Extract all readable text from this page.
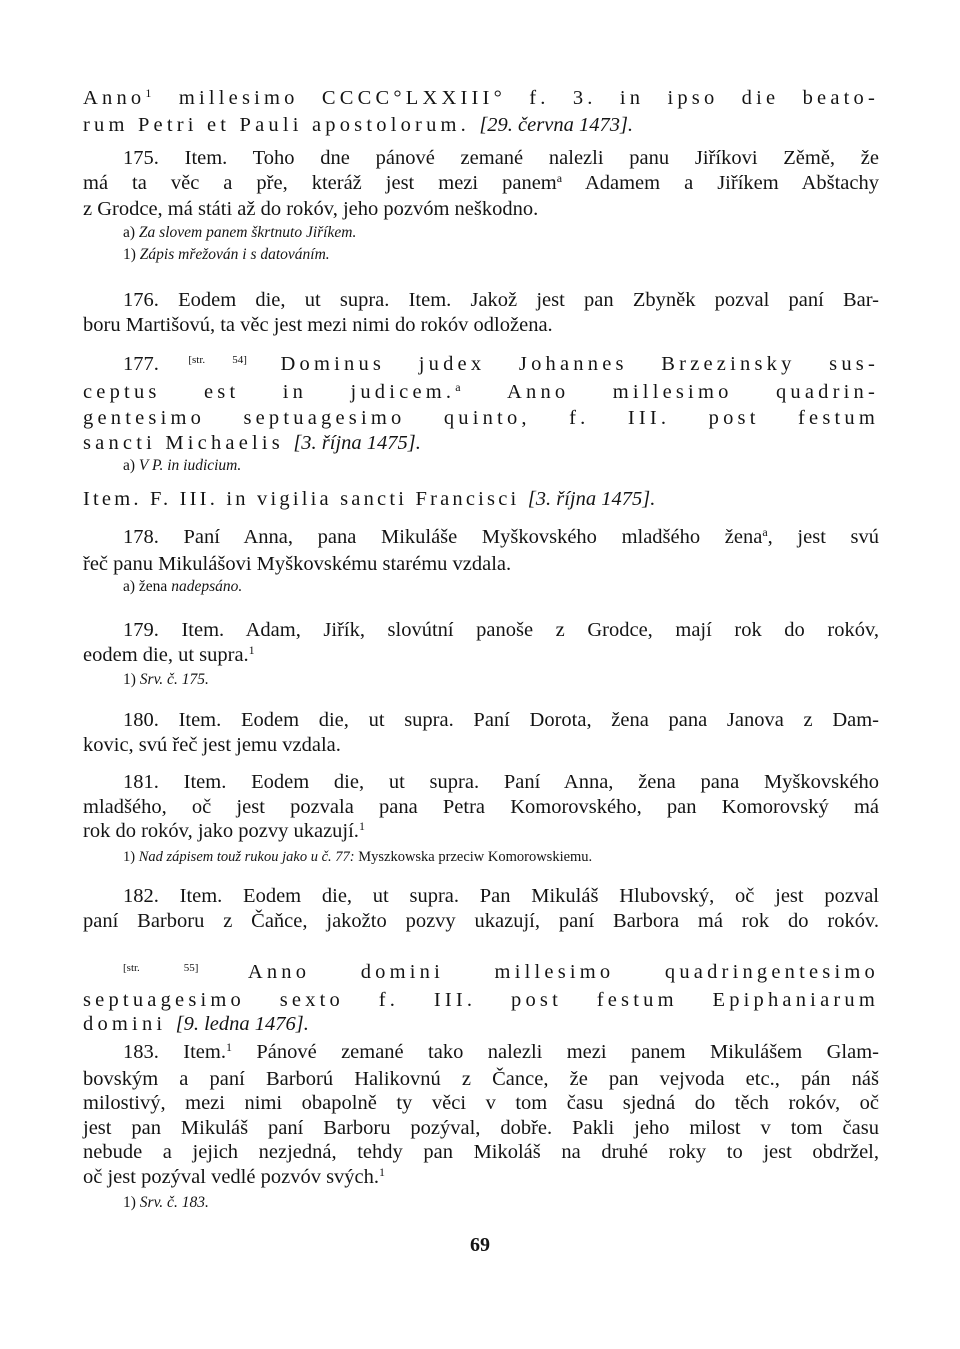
Anno$^1$ millesimo CCCC°LXXIII° f. 3. in ipso die beato-
rum Petri et Pauli apostolorum. [29. června 1473].
175. Item. Toho dne pánové zemané nalezli panu Jiříkovi Zěmě, že
má ta věc a pře, kteráž jest mezi panem$^a$ Adamem a Jiříkem Abštachy
z Grodce, má státi až do rokóv, jeho pozvóm neškodno.
a) Za slovem panem škrtnuto Jiříkem.
1) Zápis mřežován i s datováním.
176. Eodem die, ut supra. Item. Jakož jest pan Zbyněk pozval paní Bar-
boru Martišovú, ta věc jest mezi nimi do rokóv odložena.
177. [str. 54] Dominus judex Johannes Brzezinsky sus-
ceptus est in judicem.$^a$ Anno millesimo quadrin-
gentesimo septuagesimo quinto, f. III. post festum
sancti Michaelis [3. října 1475].
a) V P. in iudicium.
Item. F. III. in vigilia sancti Francisci [3. října 1475].
178. Paní Anna, pana Mikuláše Myškovského mladšého žena$^a$, jest svú
řeč panu Mikulášovi Myškovskému starému vzdala.
a) žena nadepsáno.
179. Item. Adam, Jiřík, slovútní panoše z Grodce, mají rok do rokóv,
eodem die, ut supra.$^1$
1) Srv. č. 175.
180. Item. Eodem die, ut supra. Paní Dorota, žena pana Janova z Dam-
kovic, svú řeč jest jemu vzdala.
181. Item. Eodem die, ut supra. Paní Anna, žena pana Myškovského
mladšého, oč jest pozvala pana Petra Komorovského, pan Komorovský má
rok do rokóv, jako pozvy ukazují.$^1$
1) Nad zápisem touž rukou jako u č. 77: Myszkowska przeciw Komorowskiemu.
182. Item. Eodem die, ut supra. Pan Mikuláš Hlubovský, oč jest pozval
paní Barboru z Čaňce, jakožto pozvy ukazují, paní Barbora má rok do rokóv.
[str. 55] Anno domini millesimo quadringentesimo
septuagesimo sexto f. III. post festum Epiphaniarum
domini [9. ledna 1476].
183. Item.$^1$ Pánové zemané tako nalezli mezi panem Mikulášem Glam-
bovským a paní Barború Halikovnú z Čance, že pan vejvoda etc., pán náš
milostivý, mezi nimi obapolně ty věci v tom času sjedná do těch rokóv, oč
jest pan Mikuláš paní Barboru pozýval, dobře. Pakli jeho milost v tom času
nebude a jejich nezjedná, tehdy pan Mikoláš na druhé roky to jest obdržel,
oč jest pozýval vedlé pozvóv svých.$^1$
1) Srv. č. 183.
69
